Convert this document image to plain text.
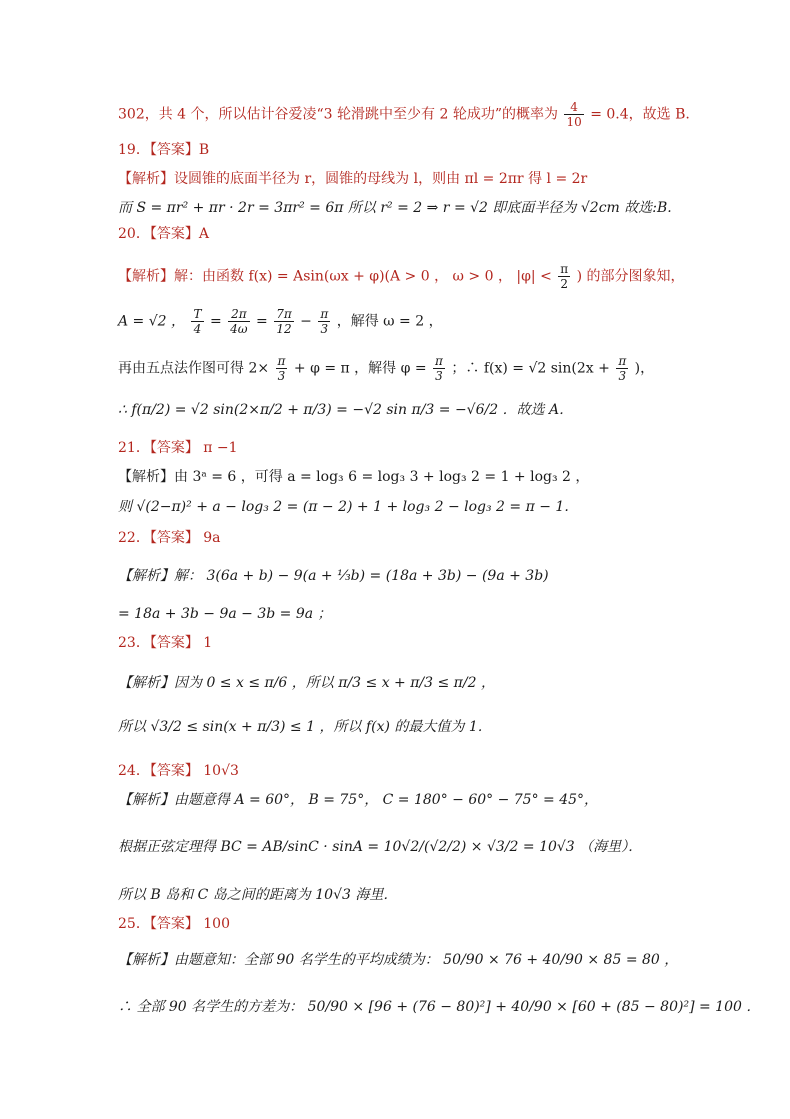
302，共 4 个，所以估计谷爱凌“3 轮滑跳中至少有 2 轮成功”的概率为 $\frac{4}{10} = 0.4$，故选 B.
19．【答案】B
【解析】设圆锥的底面半径为 r，圆锥的母线为 l，则由 πl = 2πr 得 l = 2r
而 S = πr² + πr · 2r = 3πr² = 6π 所以 r² = 2 ⇒ r = √2 即底面半径为 √2cm 故选:B.
20．【答案】A
【解析】解：由函数 f(x) = Asin(ωx + φ)(A > 0 ， ω > 0 ， $|\varphi| < \frac{\pi}{2}$ ) 的部分图象知，
A = √2 ， $\frac{T}{4} = \frac{2\pi}{4\omega} = \frac{7\pi}{12} - \frac{\pi}{3}$ ，解得 ω = 2 ，
再由五点法作图可得 $2\times \frac{\pi}{3} + \varphi = \pi$ ，解得 $\varphi = \frac{\pi}{3}$ ；∴ f(x) = √2 $\sin(2x + \frac{\pi}{3}$ )，
∴ f(π/2) = √2 sin(2×π/2 + π/3) = −√2 sin π/3 = −√6/2 ．故选 A．
21．【答案】 π −1
【解析】由 3ᵃ = 6 ，可得 a = log₃ 6 = log₃ 3 + log₃ 2 = 1 + log₃ 2 ，
则 √(2−π)² + a − log₃ 2 = (π − 2) + 1 + log₃ 2 − log₃ 2 = π − 1.
22．【答案】 9a
【解析】解： 3(6a + b) − 9(a + ⅓b) = (18a + 3b) − (9a + 3b)
= 18a + 3b − 9a − 3b = 9a ；
23．【答案】 1
【解析】因为 0 ≤ x ≤ π/6 ，所以 π/3 ≤ x + π/3 ≤ π/2 ，
所以 √3/2 ≤ sin(x + π/3) ≤ 1 ，所以 f(x) 的最大值为 1．
24．【答案】 10√3
【解析】由题意得 A = 60°， B = 75°， C = 180° − 60° − 75° = 45°，
根据正弦定理得 BC = AB/sinC · sinA = 10√2/(√2/2) × √3/2 = 10√3 （海里）．
所以 B 岛和 C 岛之间的距离为 10√3 海里．
25．【答案】 100
【解析】由题意知：全部 90 名学生的平均成绩为： 50/90 × 76 + 40/90 × 85 = 80 ，
∴ 全部 90 名学生的方差为： 50/90 × [96 + (76 − 80)²] + 40/90 × [60 + (85 − 80)²] = 100 ．
